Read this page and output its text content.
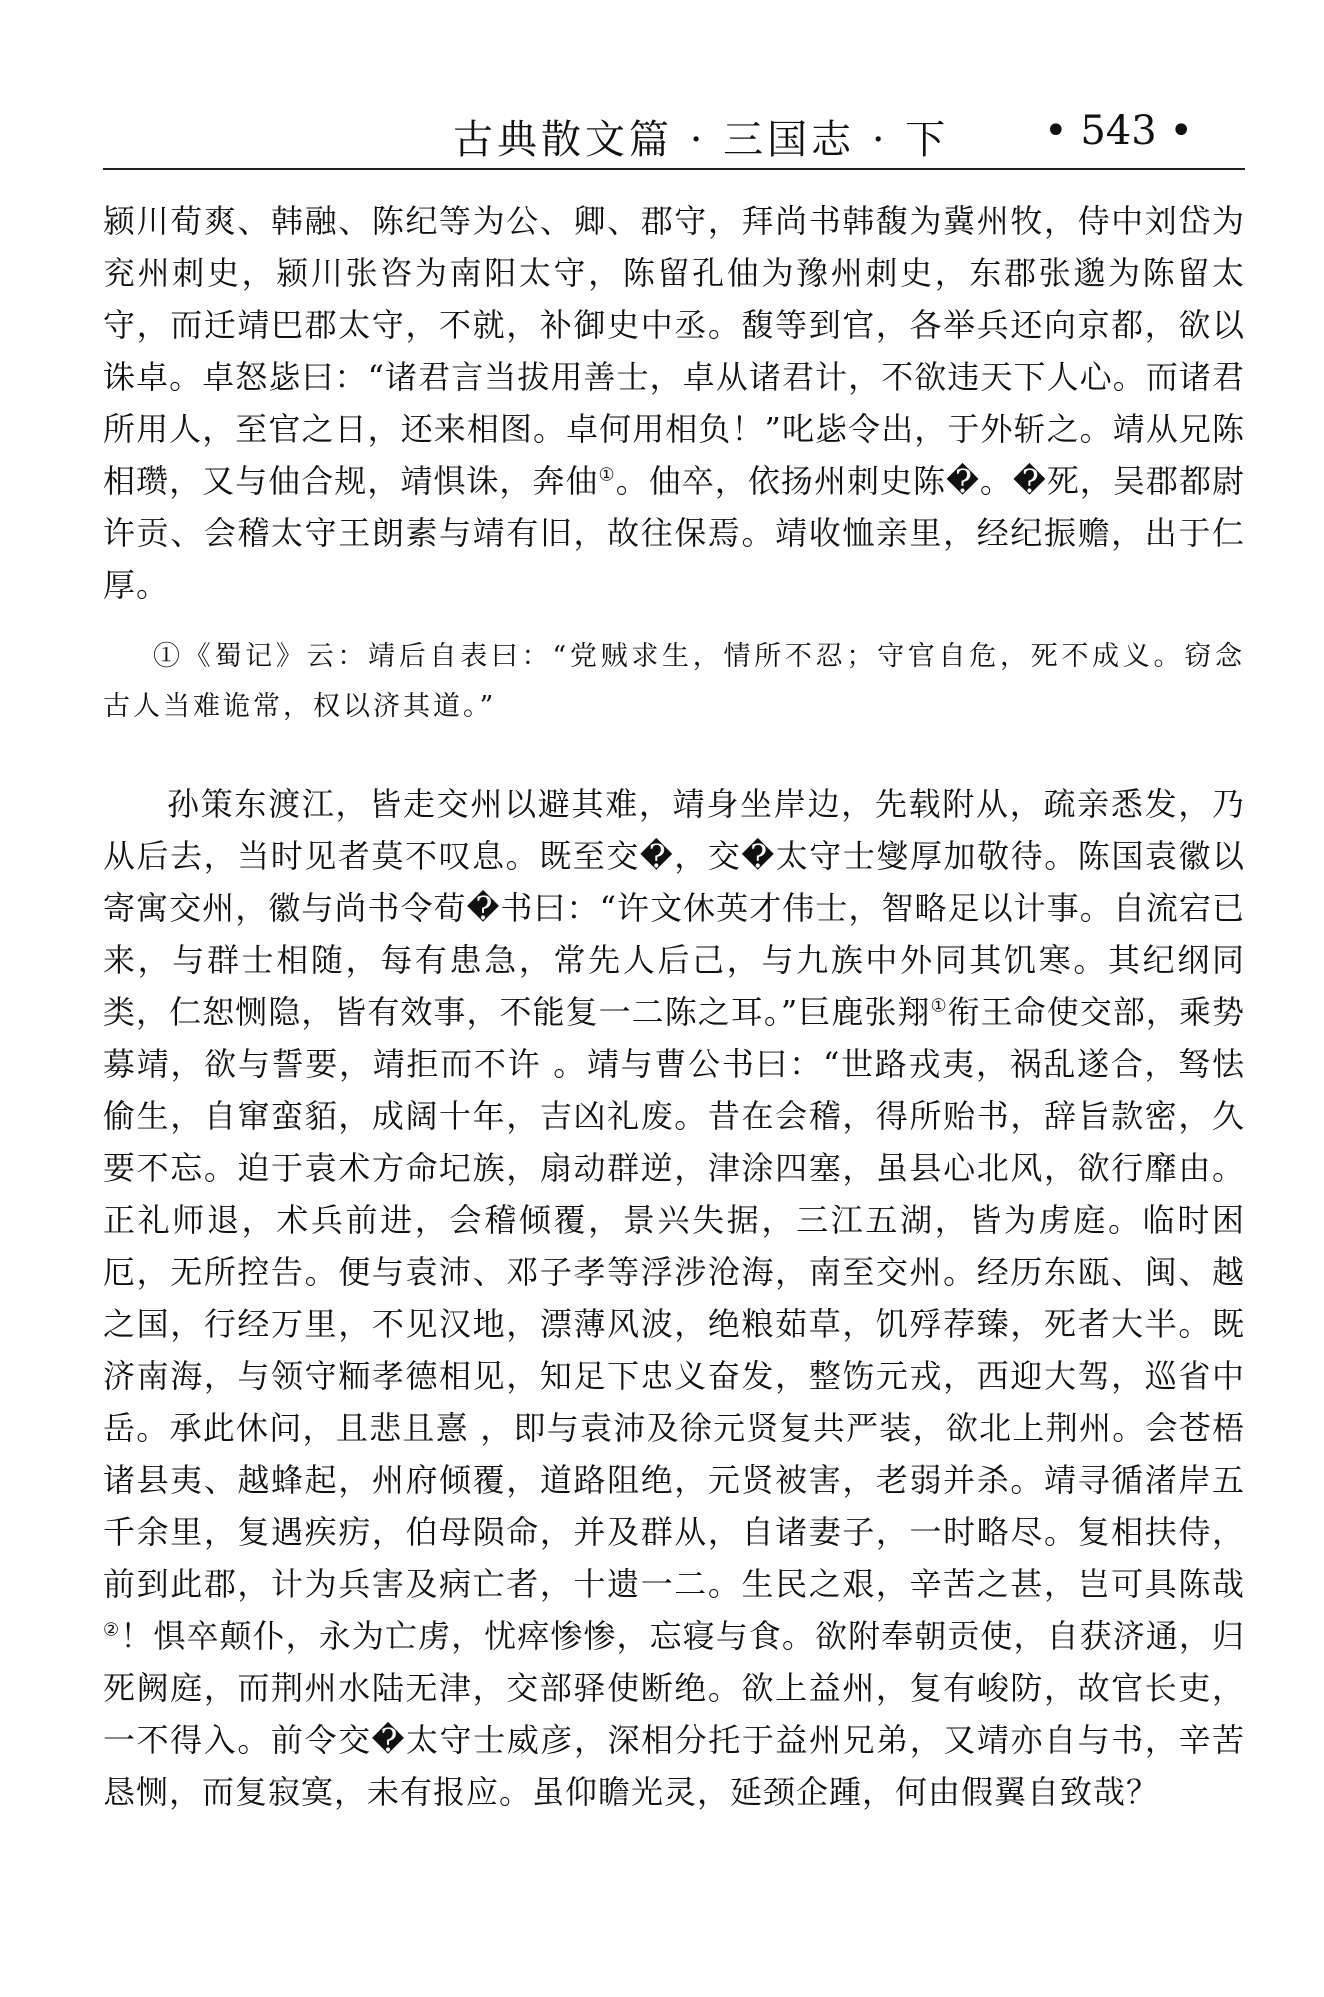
古典散文篇 · 三国志 · 下 • 543 •
颍川荀爽、韩融、陈纪等为公、卿、郡守，拜尚书韩馥为冀州牧，侍中刘岱为兖州刺史，颍川张咨为南阳太守，陈留孔伷为豫州刺史，东郡张邈为陈留太守，而迁靖巴郡太守，不就，补御史中丞。馥等到官，各举兵还向京都，欲以诛卓。卓怒毖曰：“诸君言当拔用善士，卓从诸君计，不欲违天下人心。而诸君所用人，至官之日，还来相图。卓何用相负！”叱毖令出，于外斩之。靖从兄陈相瓒，又与伷合规，靖惧诛，奔伷①。伷卒，依扬州刺史陈�。�死，吴郡都尉许贡、会稽太守王朗素与靖有旧，故往保焉。靖收恤亲里，经纪振赡，出于仁厚。
①《蜀记》云：靖后自表曰：“党贼求生，情所不忍；守官自危，死不成义。窃念古人当难诡常，权以济其道。”
孙策东渡江，皆走交州以避其难，靖身坐岸边，先载附从，疏亲悉发，乃从后去，当时见者莫不叹息。既至交�，交�太守士燮厚加敬待。陈国袁徽以寄寓交州，徽与尚书令荀�书曰：“许文休英才伟士，智略足以计事。自流宕已来，与群士相随，每有患急，常先人后己，与九族中外同其饥寒。其纪纲同类，仁恕恻隐，皆有效事，不能复一二陈之耳。”巨鹿张翔①衔王命使交部，乘势募靖，欲与誓要，靖拒而不许 。靖与曹公书曰：“世路戎夷，祸乱遂合，驽怯偷生，自窜蛮貊，成阔十年，吉凶礼废。昔在会稽，得所贻书，辞旨款密，久要不忘。迫于袁术方命圮族，扇动群逆，津涂四塞，虽县心北风，欲行靡由。正礼师退，术兵前进，会稽倾覆，景兴失据，三江五湖，皆为虏庭。临时困厄，无所控告。便与袁沛、邓子孝等浮涉沧海，南至交州。经历东瓯、闽、越之国，行经万里，不见汉地，漂薄风波，绝粮茹草，饥殍荐臻，死者大半。既济南海，与领守粫孝德相见，知足下忠义奋发，整饬元戎，西迎大驾，巡省中岳。承此休问，且悲且憙 ，即与袁沛及徐元贤复共严装，欲北上荆州。会苍梧诸县夷、越蜂起，州府倾覆，道路阻绝，元贤被害，老弱并杀。靖寻循渚岸五千余里，复遇疾疠，伯母陨命，并及群从，自诸妻子，一时略尽。复相扶侍，前到此郡，计为兵害及病亡者，十遗一二。生民之艰，辛苦之甚，岂可具陈哉②！惧卒颠仆，永为亡虏，忧瘁惨惨，忘寝与食。欲附奉朝贡使，自获济通，归死阙庭，而荆州水陆无津，交部驿使断绝。欲上益州，复有峻防，故官长吏，一不得入。前令交�太守士威彦，深相分托于益州兄弟，又靖亦自与书，辛苦恳恻，而复寂寞，未有报应。虽仰瞻光灵，延颈企踵，何由假翼自致哉？
